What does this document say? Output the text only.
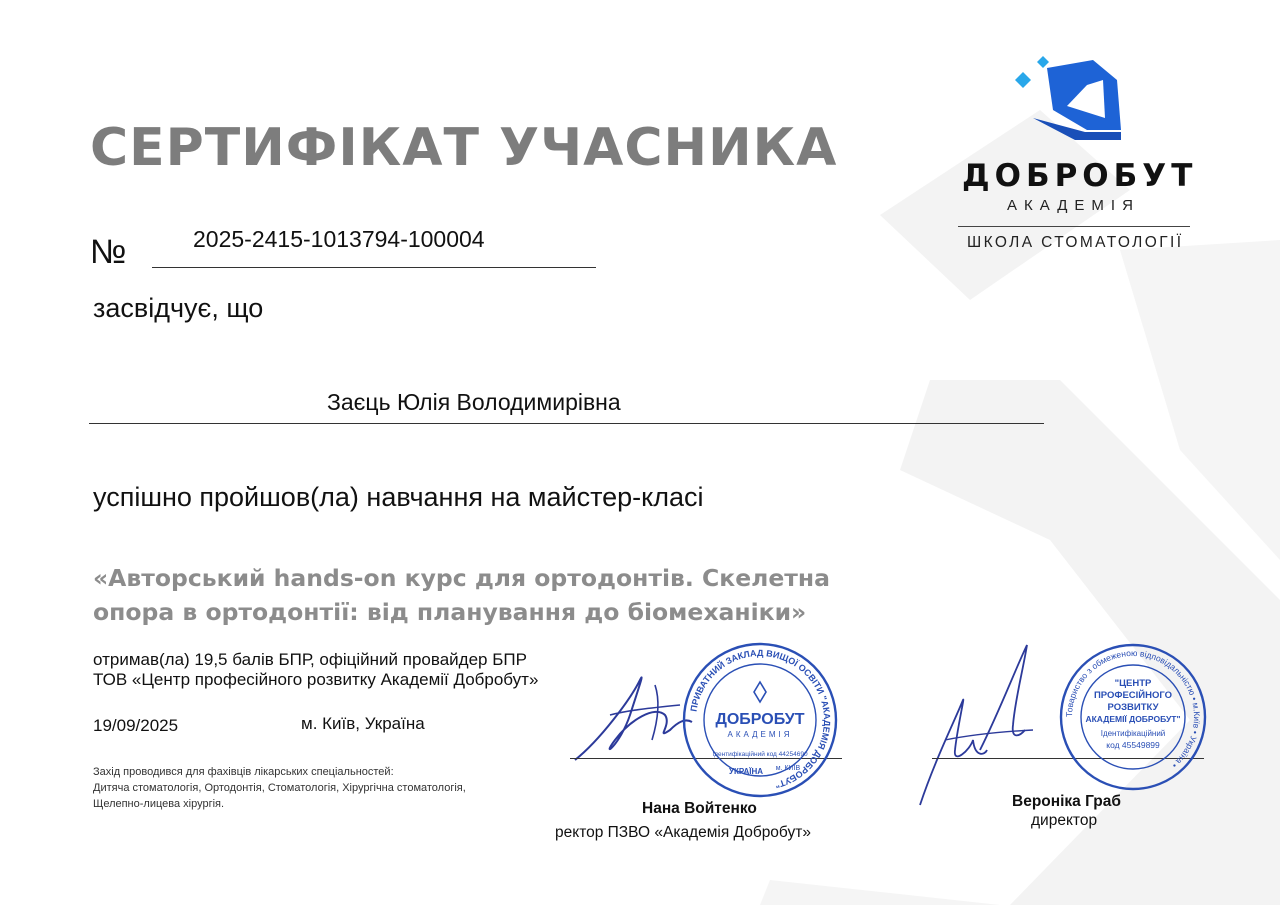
ДОБРОБУТ
АКАДЕМІЯ
ШКОЛА СТОМАТОЛОГІЇ
СЕРТИФІКАТ УЧАСНИКА
№	2025-2415-1013794-100004
засвідчує, що
Заєць Юлія Володимирівна
успішно пройшов(ла) навчання на майстер-класі
«Авторський hands-on курс для ортодонтів. Скелетна опора в ортодонтії: від планування до біомеханіки»
отримав(ла) 19,5 балів БПР, офіційний провайдер БПР
ТОВ «Центр професійного розвитку Академії Добробут»
19/09/2025	м. Київ, Україна
Захід проводився для фахівців лікарських спеціальностей:
Дитяча стоматологія, Ортодонтія, Стоматологія, Хірургічна стоматологія,
Щелепно-лицева хірургія.
ПРИВАТНИЙ ЗАКЛАД ВИЩОЇ ОСВІТИ "АКАДЕМІЯ ДОБРОБУТ"
ДОБРОБУТ
АКАДЕМІЯ
Ідентифікаційний код 44254690
УКРАЇНА м. КИЇВ
Нана Войтенко
ректор ПЗВО «Академія Добробут»
Товариство з обмеженою відповідальністю • м.Київ • Україна •
"ЦЕНТР
ПРОФЕСІЙНОГО
РОЗВИТКУ
АКАДЕМІЇ ДОБРОБУТ"
Ідентифікаційний
код 45549899
Вероніка Граб
директор
